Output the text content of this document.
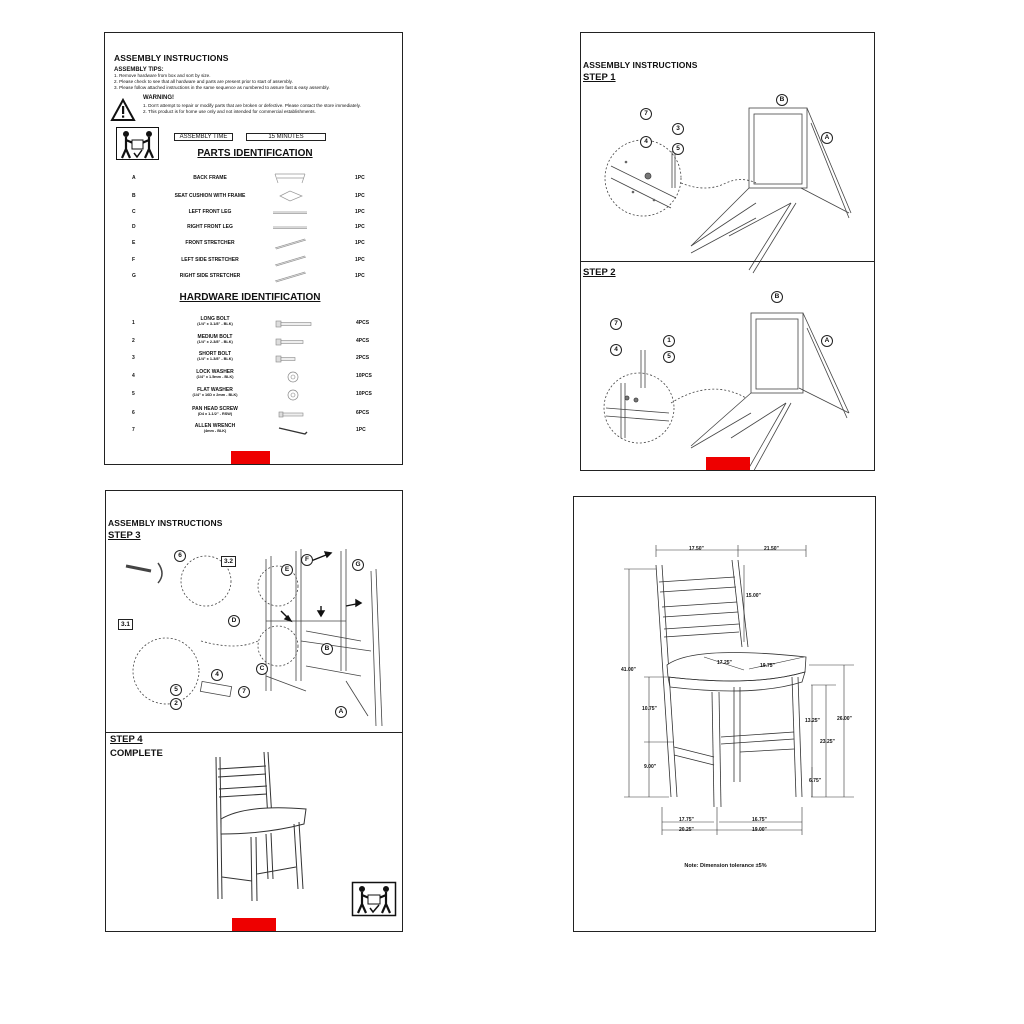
ASSEMBLY INSTRUCTIONS
ASSEMBLY TIPS:
1. Remove hardware from box and sort by size.
2. Please check to see that all hardware and parts are present prior to start of assembly.
3. Please follow attached instructions in the same sequence as numbered to assure fast & easy assembly.
WARNING!
1. Don't attempt to repair or modify parts that are broken or defective. Please contact the store immediately.
2. This product is for home use only and not intended for commercial establishments.
ASSEMBLY TIME	15 MINUTES
PARTS IDENTIFICATION
A	BACK FRAME	1PC
B	SEAT CUSHION WITH FRAME	1PC
C	LEFT FRONT LEG	1PC
D	RIGHT FRONT LEG	1PC
E	FRONT STRETCHER	1PC
F	LEFT SIDE STRETCHER	1PC
G	RIGHT SIDE STRETCHER	1PC
HARDWARE IDENTIFICATION
1
LONG BOLT
(1/4" x 3-1/8" - BLK)	4PCS
2
MEDIUM BOLT
(1/4" x 2-3/8" - BLK)	4PCS
3
SHORT BOLT
(1/4" x 1-3/8" - BLK)	2PCS
4
LOCK WASHER
(1/4" x 1.5mm - BLK)	10PCS
5
FLAT WASHER
(1/4" x 16D x 2mm - BLK)	10PCS
6
PAN HEAD SCREW
(D4 x 1-1/2" - RSW)	6PCS
7
ALLEN WRENCH
(4mm - BLK)	1PC
ASSEMBLY INSTRUCTIONS
STEP 1
7
3
4
5
A
B
STEP 2
7
1
4
5
A
B
ASSEMBLY INSTRUCTIONS
STEP 3
6
3.2
E
F
G
3.1
D
B
C
4
5
2
7
A
STEP 4
COMPLETE
17.50"	21.50"
15.00"
17.25"	19.75"
41.00"
10.75"
9.00"
13.25"
23.25"
26.00"
6.75"
17.75"	16.75"
20.25"	19.00"
Note: Dimension tolerance ±5%
